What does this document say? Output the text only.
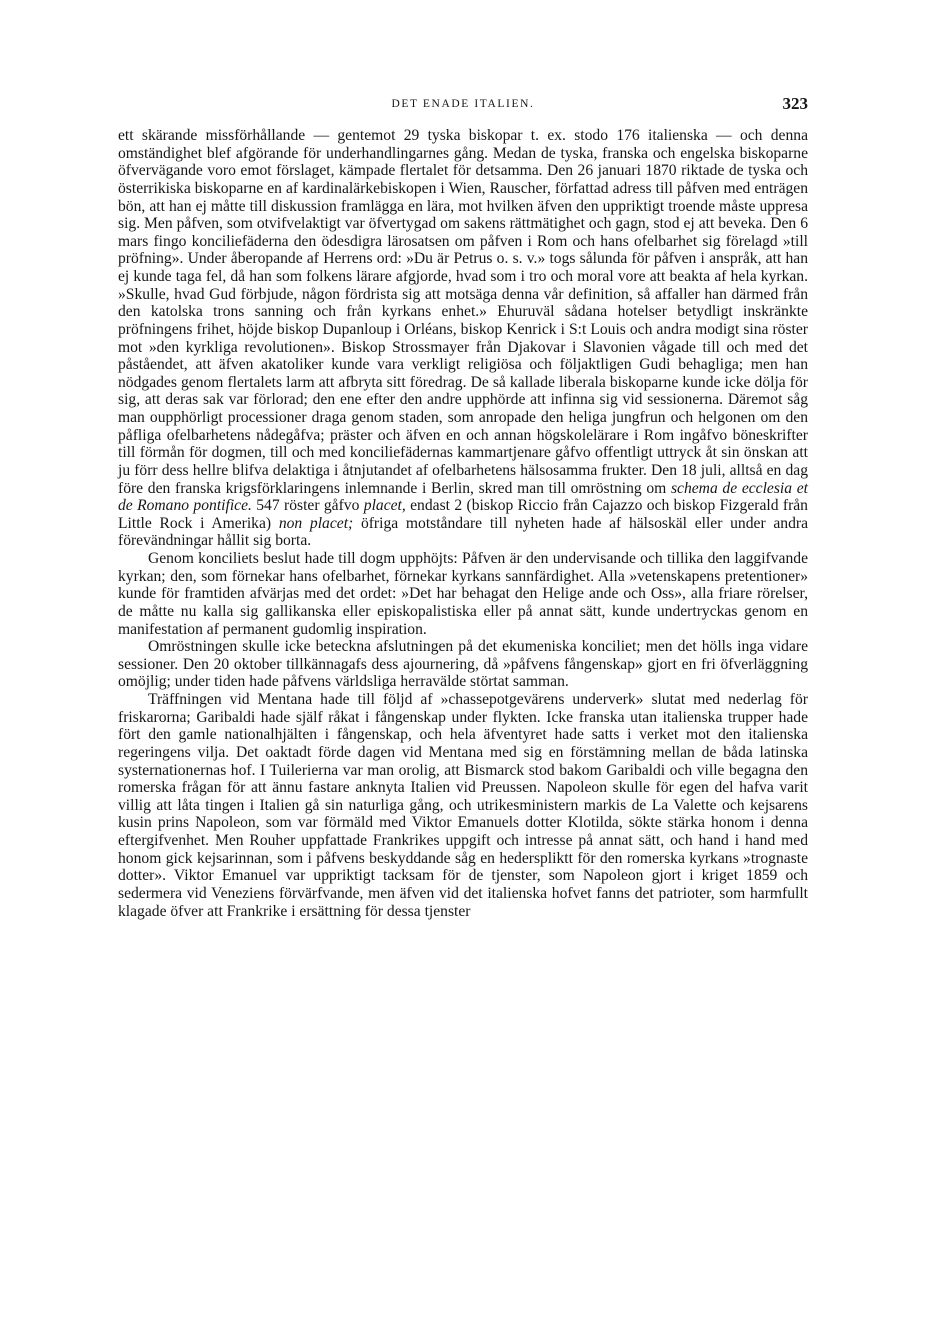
DET ENADE ITALIEN.	323

ett skärande missförhållande — gentemot 29 tyska biskopar t. ex. stodo 176 italienska — och denna omständighet blef afgörande för underhandlingarnes gång. Medan de tyska, franska och engelska biskoparne öfvervägande voro emot förslaget, kämpade flertalet för detsamma. Den 26 januari 1870 riktade de tyska och österrikiska biskoparne en af kardinalärkebiskopen i Wien, Rauscher, författad adress till påfven med enträgen bön, att han ej måtte till diskussion framlägga en lära, mot hvilken äfven den uppriktigt troende måste uppresa sig. Men påfven, som otvifvelaktigt var öfvertygad om sakens rättmätighet och gagn, stod ej att beveka. Den 6 mars fingo konciliefäderna den ödesdigra lärosatsen om påfven i Rom och hans ofelbarhet sig förelagd »till pröfning». Under åberopande af Herrens ord: »Du är Petrus o. s. v.» togs sålunda för påfven i anspråk, att han ej kunde taga fel, då han som folkens lärare afgjorde, hvad som i tro och moral vore att beakta af hela kyrkan. »Skulle, hvad Gud förbjude, någon fördrista sig att motsäga denna vår definition, så affaller han därmed från den katolska trons sanning och från kyrkans enhet.» Ehuruväl sådana hotelser betydligt inskränkte pröfningens frihet, höjde biskop Dupanloup i Orléans, biskop Kenrick i S:t Louis och andra modigt sina röster mot »den kyrkliga revolutionen». Biskop Strossmayer från Djakovar i Slavonien vågade till och med det påståendet, att äfven akatoliker kunde vara verkligt religiösa och följaktligen Gudi behagliga; men han nödgades genom flertalets larm att afbryta sitt föredrag. De så kallade liberala biskoparne kunde icke dölja för sig, att deras sak var förlorad; den ene efter den andre upphörde att infinna sig vid sessionerna. Däremot såg man oupphörligt processioner draga genom staden, som anropade den heliga jungfrun och helgonen om den påfliga ofelbarhetens nådegåfva; präster och äfven en och annan högskolelärare i Rom ingåfvo böneskrifter till förmån för dogmen, till och med konciliefädernas kammartjenare gåfvo offentligt uttryck åt sin önskan att ju förr dess hellre blifva delaktiga i åtnjutandet af ofelbarhetens hälsosamma frukter. Den 18 juli, alltså en dag före den franska krigsförklaringens inlemnande i Berlin, skred man till omröstning om schema de ecclesia et de Romano pontifice. 547 röster gåfvo placet, endast 2 (biskop Riccio från Cajazzo och biskop Fizgerald från Little Rock i Amerika) non placet; öfriga motståndare till nyheten hade af hälsoskäl eller under andra förevändningar hållit sig borta.

Genom konciliets beslut hade till dogm upphöjts: Påfven är den undervisande och tillika den laggifvande kyrkan; den, som förnekar hans ofelbarhet, förnekar kyrkans sannfärdighet. Alla »vetenskapens pretentioner» kunde för framtiden afvärjas med det ordet: »Det har behagat den Helige ande och Oss», alla friare rörelser, de måtte nu kalla sig gallikanska eller episkopalistiska eller på annat sätt, kunde undertryckas genom en manifestation af permanent gudomlig inspiration.

Omröstningen skulle icke beteckna afslutningen på det ekumeniska konciliet; men det hölls inga vidare sessioner. Den 20 oktober tillkännagafs dess ajournering, då »påfvens fångenskap» gjort en fri öfverläggning omöjlig; under tiden hade påfvens världsliga herravälde störtat samman.

Träffningen vid Mentana hade till följd af »chassepotgevärens underverk» slutat med nederlag för friskarorna; Garibaldi hade själf råkat i fångenskap under flykten. Icke franska utan italienska trupper hade fört den gamle nationalhjälten i fångenskap, och hela äfventyret hade satts i verket mot den italienska regeringens vilja. Det oaktadt förde dagen vid Mentana med sig en förstämning mellan de båda latinska systernationernas hof. I Tuilerierna var man orolig, att Bismarck stod bakom Garibaldi och ville begagna den romerska frågan för att ännu fastare anknyta Italien vid Preussen. Napoleon skulle för egen del hafva varit villig att låta tingen i Italien gå sin naturliga gång, och utrikesministern markis de La Valette och kejsarens kusin prins Napoleon, som var förmäld med Viktor Emanuels dotter Klotilda, sökte stärka honom i denna eftergifvenhet. Men Rouher uppfattade Frankrikes uppgift och intresse på annat sätt, och hand i hand med honom gick kejsarinnan, som i påfvens beskyddande såg en hederspliktt för den romerska kyrkans »trognaste dotter». Viktor Emanuel var uppriktigt tacksam för de tjenster, som Napoleon gjort i kriget 1859 och sedermera vid Veneziens förvärfvande, men äfven vid det italienska hofvet fanns det patrioter, som harmfullt klagade öfver att Frankrike i ersättning för dessa tjenster
